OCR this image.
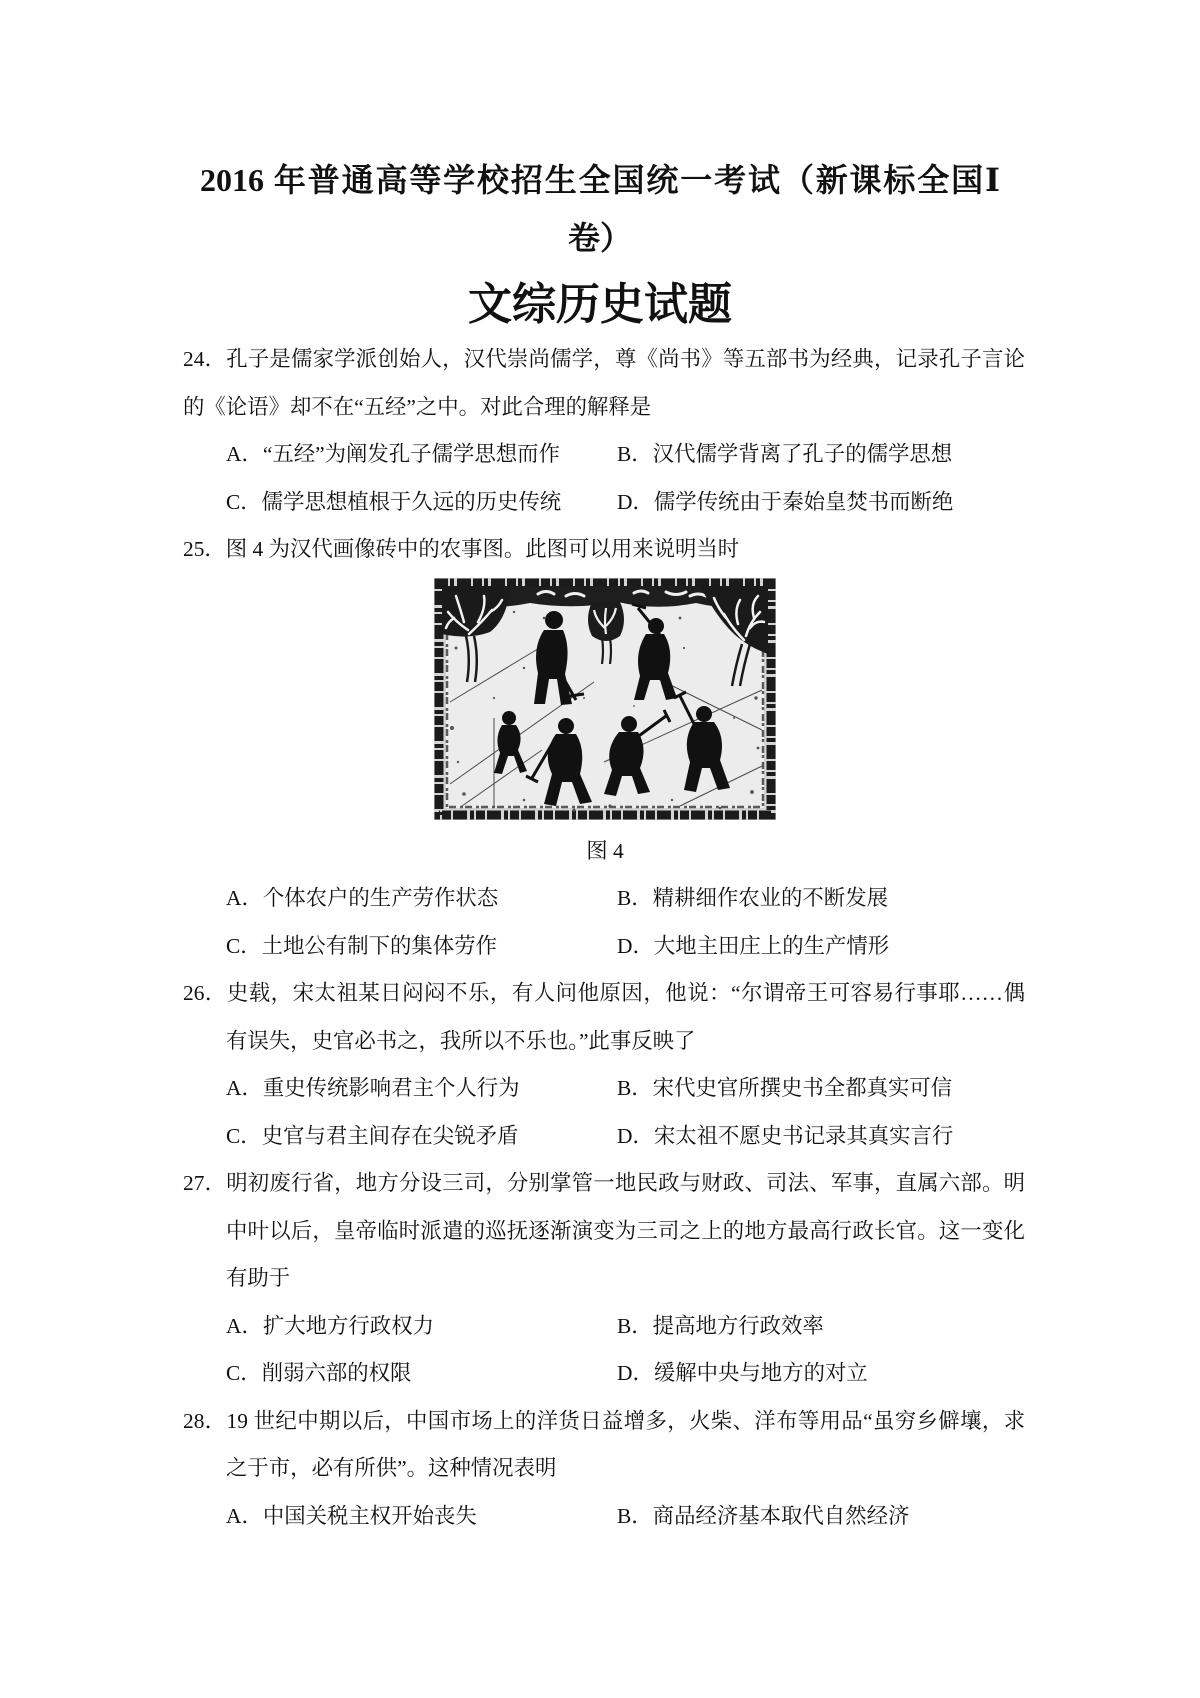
2016 年普通高等学校招生全国统一考试（新课标全国Ⅰ
卷）
文综历史试题
24．孔子是儒家学派创始人，汉代崇尚儒学，尊《尚书》等五部书为经典，记录孔子言论
的《论语》却不在“五经”之中。对此合理的解释是
A．“五经”为阐发孔子儒学思想而作	B．汉代儒学背离了孔子的儒学思想
C．儒学思想植根于久远的历史传统	D．儒学传统由于秦始皇焚书而断绝
25．图 4 为汉代画像砖中的农事图。此图可以用来说明当时
图 4
A．个体农户的生产劳作状态	B．精耕细作农业的不断发展
C．土地公有制下的集体劳作	D．大地主田庄上的生产情形
26．史载，宋太祖某日闷闷不乐，有人问他原因，他说：“尔谓帝王可容易行事耶……偶
有误失，史官必书之，我所以不乐也。”此事反映了
A．重史传统影响君主个人行为	B．宋代史官所撰史书全都真实可信
C．史官与君主间存在尖锐矛盾	D．宋太祖不愿史书记录其真实言行
27．明初废行省，地方分设三司，分别掌管一地民政与财政、司法、军事，直属六部。明
中叶以后，皇帝临时派遣的巡抚逐渐演变为三司之上的地方最高行政长官。这一变化
有助于
A．扩大地方行政权力	B．提高地方行政效率
C．削弱六部的权限	D．缓解中央与地方的对立
28．19 世纪中期以后，中国市场上的洋货日益增多，火柴、洋布等用品“虽穷乡僻壤，求
之于市，必有所供”。这种情况表明
A．中国关税主权开始丧失	B．商品经济基本取代自然经济
